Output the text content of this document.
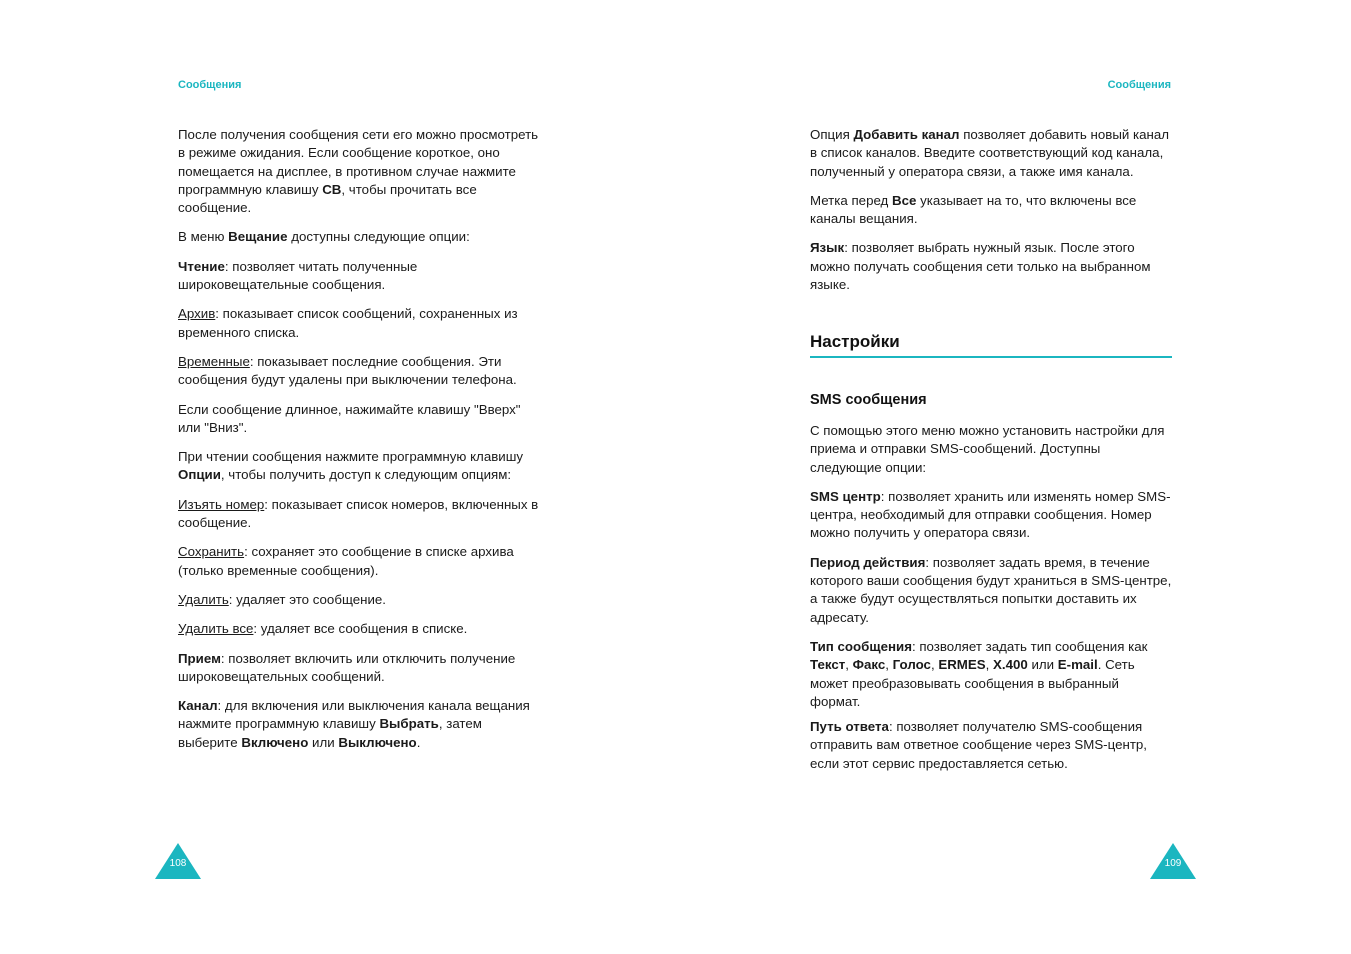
Сообщения	Сообщения

После получения сообщения сети его можно просмотреть в режиме ожидания. Если сообщение короткое, оно помещается на дисплее, в противном случае нажмите программную клавишу CB, чтобы прочитать все сообщение.

В меню Вещание доступны следующие опции:

Чтение: позволяет читать полученные широковещательные сообщения.

Архив: показывает список сообщений, сохраненных из временного списка.

Временные: показывает последние сообщения. Эти сообщения будут удалены при выключении телефона.

Если сообщение длинное, нажимайте клавишу "Вверх" или "Вниз".

При чтении сообщения нажмите программную клавишу Опции, чтобы получить доступ к следующим опциям:

Изъять номер: показывает список номеров, включенных в сообщение.

Сохранить: сохраняет это сообщение в списке архива (только временные сообщения).

Удалить: удаляет это сообщение.

Удалить все: удаляет все сообщения в списке.

Прием: позволяет включить или отключить получение широковещательных сообщений.

Канал: для включения или выключения канала вещания нажмите программную клавишу Выбрать, затем выберите Включено или Выключено.

Опция Добавить канал позволяет добавить новый канал в список каналов. Введите соответствующий код канала, полученный у оператора связи, а также имя канала.

Метка перед Все указывает на то, что включены все каналы вещания.

Язык: позволяет выбрать нужный язык. После этого можно получать сообщения сети только на выбранном языке.

Настройки
SMS сообщения

С помощью этого меню можно установить настройки для приема и отправки SMS-сообщений. Доступны следующие опции:

SMS центр: позволяет хранить или изменять номер SMS-центра, необходимый для отправки сообщения. Номер можно получить у оператора связи.

Период действия: позволяет задать время, в течение которого ваши сообщения будут храниться в SMS-центре, а также будут осуществляться попытки доставить их адресату.

Тип сообщения: позволяет задать тип сообщения как Текст, Факс, Голос, ERMES, X.400 или E-mail. Сеть может преобразовывать сообщения в выбранный формат.

Путь ответа: позволяет получателю SMS-сообщения отправить вам ответное сообщение через SMS-центр, если этот сервис предоставляется сетью.

108	109
